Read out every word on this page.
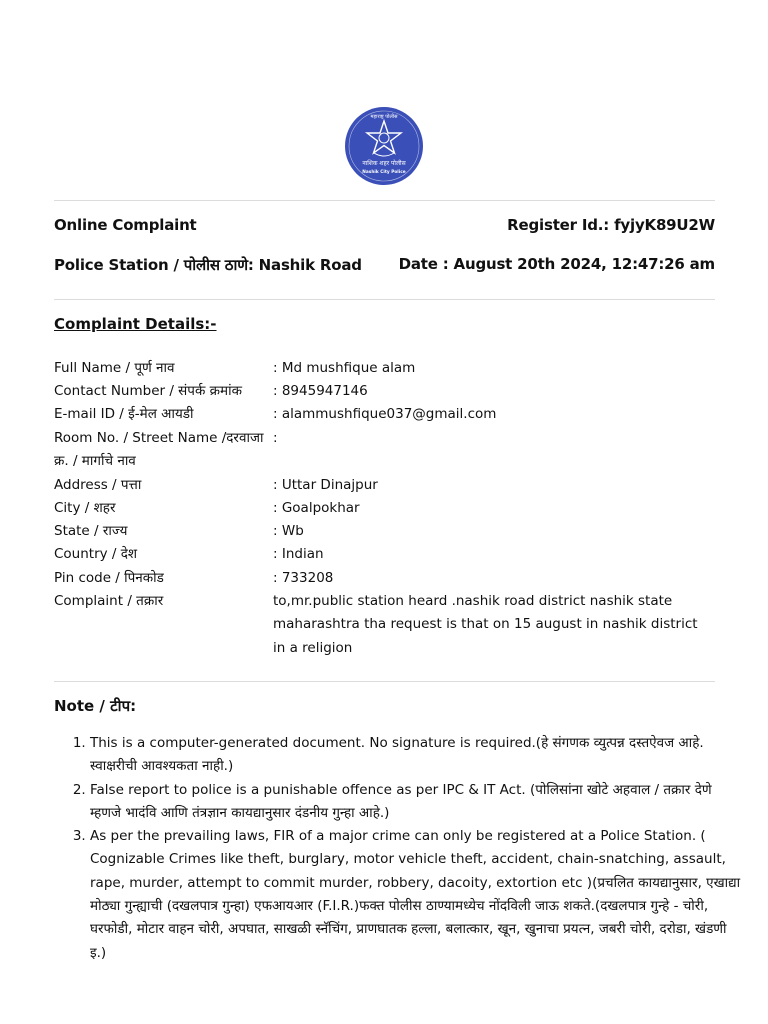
महाराष्ट्र पोलीस
नाशिक शहर पोलीस
Nashik City Police
Online Complaint	Register Id.: fyjyK89U2W
Police Station / पोलीस ठाणे: Nashik Road Date : August 20th 2024, 12:47:26 am
Complaint Details:-
Full Name / पूर्ण नाव	: Md mushfique alam
Contact Number / संपर्क क्रमांक	: 8945947146
E-mail ID / ई-मेल आयडी	: alammushfique037@gmail.com
Room No. / Street Name /दरवाजा क्र. / मार्गाचे नाव
:
Address / पत्ता	: Uttar Dinajpur
City / शहर	: Goalpokhar
State / राज्य	: Wb
Country / देश	: Indian
Pin code / पिनकोड	: 733208
Complaint / तक्रार	to,mr.public station heard .nashik road district nashik state maharashtra tha request is that on 15 august in nashik district in a religion
Note / टीप:
1. This is a computer-generated document. No signature is required.(हे संगणक व्युत्पन्न दस्तऐवज आहे. स्वाक्षरीची आवश्यकता नाही.)
2. False report to police is a punishable offence as per IPC & IT Act. (पोलिसांना खोटे अहवाल / तक्रार देणे म्हणजे भादंवि आणि तंत्रज्ञान कायद्यानुसार दंडनीय गुन्हा आहे.)
3. As per the prevailing laws, FIR of a major crime can only be registered at a Police Station. ( Cognizable Crimes like theft, burglary, motor vehicle theft, accident, chain-snatching, assault, rape, murder, attempt to commit murder, robbery, dacoity, extortion etc )(प्रचलित कायद्यानुसार, एखाद्या मोठ्या गुन्ह्याची (दखलपात्र गुन्हा) एफआयआर (F.I.R.)फक्त पोलीस ठाण्यामध्येच नोंदविली जाऊ शकते.(दखलपात्र गुन्हे - चोरी, घरफोडी, मोटार वाहन चोरी, अपघात, साखळी स्नॅचिंग, प्राणघातक हल्ला, बलात्कार, खून, खुनाचा प्रयत्न, जबरी चोरी, दरोडा, खंडणी इ.)
